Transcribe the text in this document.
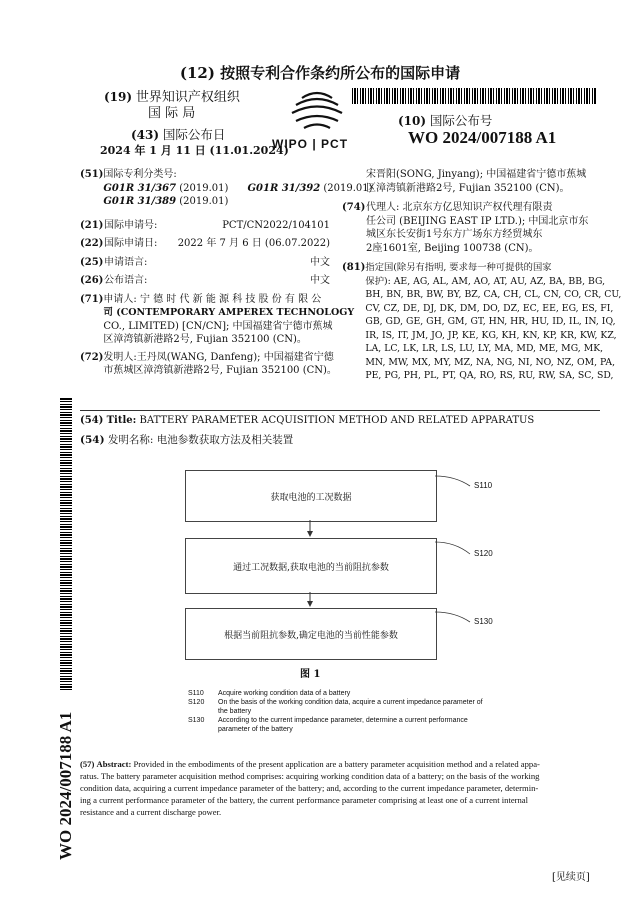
(12) 按照专利合作条约所公布的国际申请
(19) 世界知识产权组织
国 际 局
(43) 国际公布日
2024 年 1 月 11 日 (11.01.2024)
WIPO | PCT
(10) 国际公布号
WO 2024/007188 A1
(51) 国际专利分类号:
G01R 31/367 (2019.01) G01R 31/392 (2019.01)
G01R 31/389 (2019.01)
(21) 国际申请号:	PCT/CN2022/104101
(22) 国际申请日: 2022 年 7 月 6 日 (06.07.2022)
(25) 申请语言:	中文
(26) 公布语言:	中文
(71) 申请人: 宁 德 时 代 新 能 源 科 技 股 份 有 限 公
司 (CONTEMPORARY AMPEREX TECHNOLOGY
CO., LIMITED) [CN/CN]; 中国福建省宁德市蕉城
区漳湾镇新港路2号, Fujian 352100 (CN)。
(72) 发明人:王丹凤(WANG, Danfeng); 中国福建省宁德
市蕉城区漳湾镇新港路2号, Fujian 352100 (CN)。
宋晋阳(SONG, Jinyang); 中国福建省宁德市蕉城
区漳湾镇新港路2号, Fujian 352100 (CN)。
(74) 代理人: 北京东方亿思知识产权代理有限责
任公司 (BEIJING EAST IP LTD.); 中国北京市东
城区东长安街1号东方广场东方经贸城东
2座1601室, Beijing 100738 (CN)。
(81) 指定国(除另有指明, 要求每一种可提供的国家
保护): AE, AG, AL, AM, AO, AT, AU, AZ, BA, BB, BG,
BH, BN, BR, BW, BY, BZ, CA, CH, CL, CN, CO, CR, CU,
CV, CZ, DE, DJ, DK, DM, DO, DZ, EC, EE, EG, ES, FI,
GB, GD, GE, GH, GM, GT, HN, HR, HU, ID, IL, IN, IQ,
IR, IS, IT, JM, JO, JP, KE, KG, KH, KN, KP, KR, KW, KZ,
LA, LC, LK, LR, LS, LU, LY, MA, MD, ME, MG, MK,
MN, MW, MX, MY, MZ, NA, NG, NI, NO, NZ, OM, PA,
PE, PG, PH, PL, PT, QA, RO, RS, RU, RW, SA, SC, SD,
WO 2024/007188 A1
(54) Title: BATTERY PARAMETER ACQUISITION METHOD AND RELATED APPARATUS
(54) 发明名称: 电池参数获取方法及相关装置
获取电池的工况数据
通过工况数据,获取电池的当前阻抗参数
根据当前阻抗参数,确定电池的当前性能参数
S110
S120
S130
图 1
S110	Acquire working condition data of a battery
S120	On the basis of the working condition data, acquire a current impedance parameter of
the battery
S130	According to the current impedance parameter, determine a current performance
parameter of the battery
(57) Abstract: Provided in the embodiments of the present application are a battery parameter acquisition method and a related appa-
ratus. The battery parameter acquisition method comprises: acquiring working condition data of a battery; on the basis of the working
condition data, acquiring a current impedance parameter of the battery; and, according to the current impedance parameter, determin-
ing a current performance parameter of the battery, the current performance parameter comprising at least one of a current internal
resistance and a current discharge power.
[见续页]
